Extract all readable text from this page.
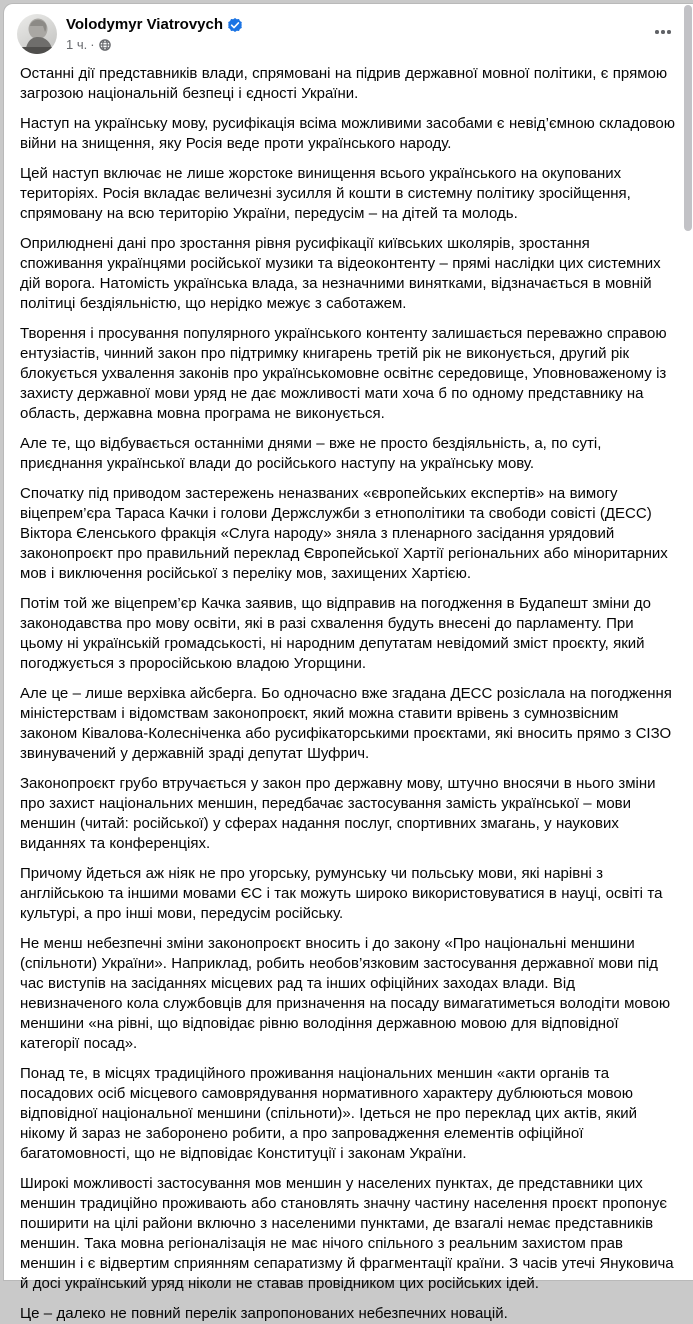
Volodymyr Viatrovych
1 ч. ·

Останні дії представників влади, спрямовані на підрив державної мовної політики, є прямою загрозою національній безпеці і єдності України.

Наступ на українську мову, русифікація всіма можливими засобами є невід’ємною складовою війни на знищення, яку Росія веде проти українського народу.

Цей наступ включає не лише жорстоке винищення всього українського на окупованих територіях. Росія вкладає величезні зусилля й кошти в системну політику зросійщення, спрямовану на всю територію України, передусім – на дітей та молодь.

Оприлюднені дані про зростання рівня русифікації київських школярів, зростання споживання українцями російської музики та відеоконтенту – прямі наслідки цих системних дій ворога. Натомість українська влада, за незначними винятками, відзначається в мовній політиці бездіяльністю, що нерідко межує з саботажем.

Творення і просування популярного українського контенту залишається переважно справою ентузіастів, чинний закон про підтримку книгарень третій рік не виконується, другий рік блокується ухвалення законів про українськомовне освітнє середовище, Уповноваженому із захисту державної мови уряд не дає можливості мати хоча б по одному представнику на область, державна мовна програма не виконується.

Але те, що відбувається останніми днями – вже не просто бездіяльність, а, по суті, приєднання української влади до російського наступу на українську мову.

Спочатку під приводом застережень неназваних «європейських експертів» на вимогу віцепрем’єра Тараса Качки і голови Держслужби з етнополітики та свободи совісті (ДЕСС) Віктора Єленського фракція «Слуга народу» зняла з пленарного засідання урядовий законопроєкт про правильний переклад Європейської Хартії регіональних або міноритарних мов і виключення російської з переліку мов, захищених Хартією.

Потім той же віцепрем’єр Качка заявив, що відправив на погодження в Будапешт зміни до законодавства про мову освіти, які в разі схвалення будуть внесені до парламенту. При цьому ні українській громадськості, ні народним депутатам невідомий зміст проєкту, який погоджується з проросійською владою Угорщини.

Але це – лише верхівка айсберга. Бо одночасно вже згадана ДЕСС розіслала на погодження міністерствам і відомствам законопроєкт, який можна ставити врівень з сумнозвісним законом Ківалова-Колесніченка або русифікаторськими проєктами, які вносить прямо з СІЗО звинувачений у державній зраді депутат Шуфрич.

Законопроєкт грубо втручається у закон про державну мову, штучно вносячи в нього зміни про захист національних меншин, передбачає застосування замість української – мови меншин (читай: російської) у сферах надання послуг, спортивних змагань, у наукових виданнях та конференціях.

Причому йдеться аж ніяк не про угорську, румунську чи польську мови, які нарівні з англійською та іншими мовами ЄС і так можуть широко використовуватися в науці, освіті та культурі, а про інші мови, передусім російську.

Не менш небезпечні зміни законопроєкт вносить і до закону «Про національні меншини (спільноти) України». Наприклад, робить необов’язковим застосування державної мови під час виступів на засіданнях місцевих рад та інших офіційних заходах влади. Від невизначеного кола службовців для призначення на посаду вимагатиметься володіти мовою меншини «на рівні, що відповідає рівню володіння державною мовою для відповідної категорії посад».

Понад те, в місцях традиційного проживання національних меншин «акти органів та посадових осіб місцевого самоврядування нормативного характеру дублюються мовою відповідної національної меншини (спільноти)». Ідеться не про переклад цих актів, який нікому й зараз не заборонено робити, а про запровадження елементів офіційної багатомовності, що не відповідає Конституції і законам України.

Широкі можливості застосування мов меншин у населених пунктах, де представники цих меншин традиційно проживають або становлять значну частину населення проєкт пропонує поширити на цілі райони включно з населеними пунктами, де взагалі немає представників меншин. Така мовна регіоналізація не має нічого спільного з реальним захистом прав меншин і є відвертим сприянням сепаратизму й фрагментації країни. З часів утечі Януковича й досі український уряд ніколи не ставав провідником цих російських ідей.

Це – далеко не повний перелік запропонованих небезпечних новацій.
